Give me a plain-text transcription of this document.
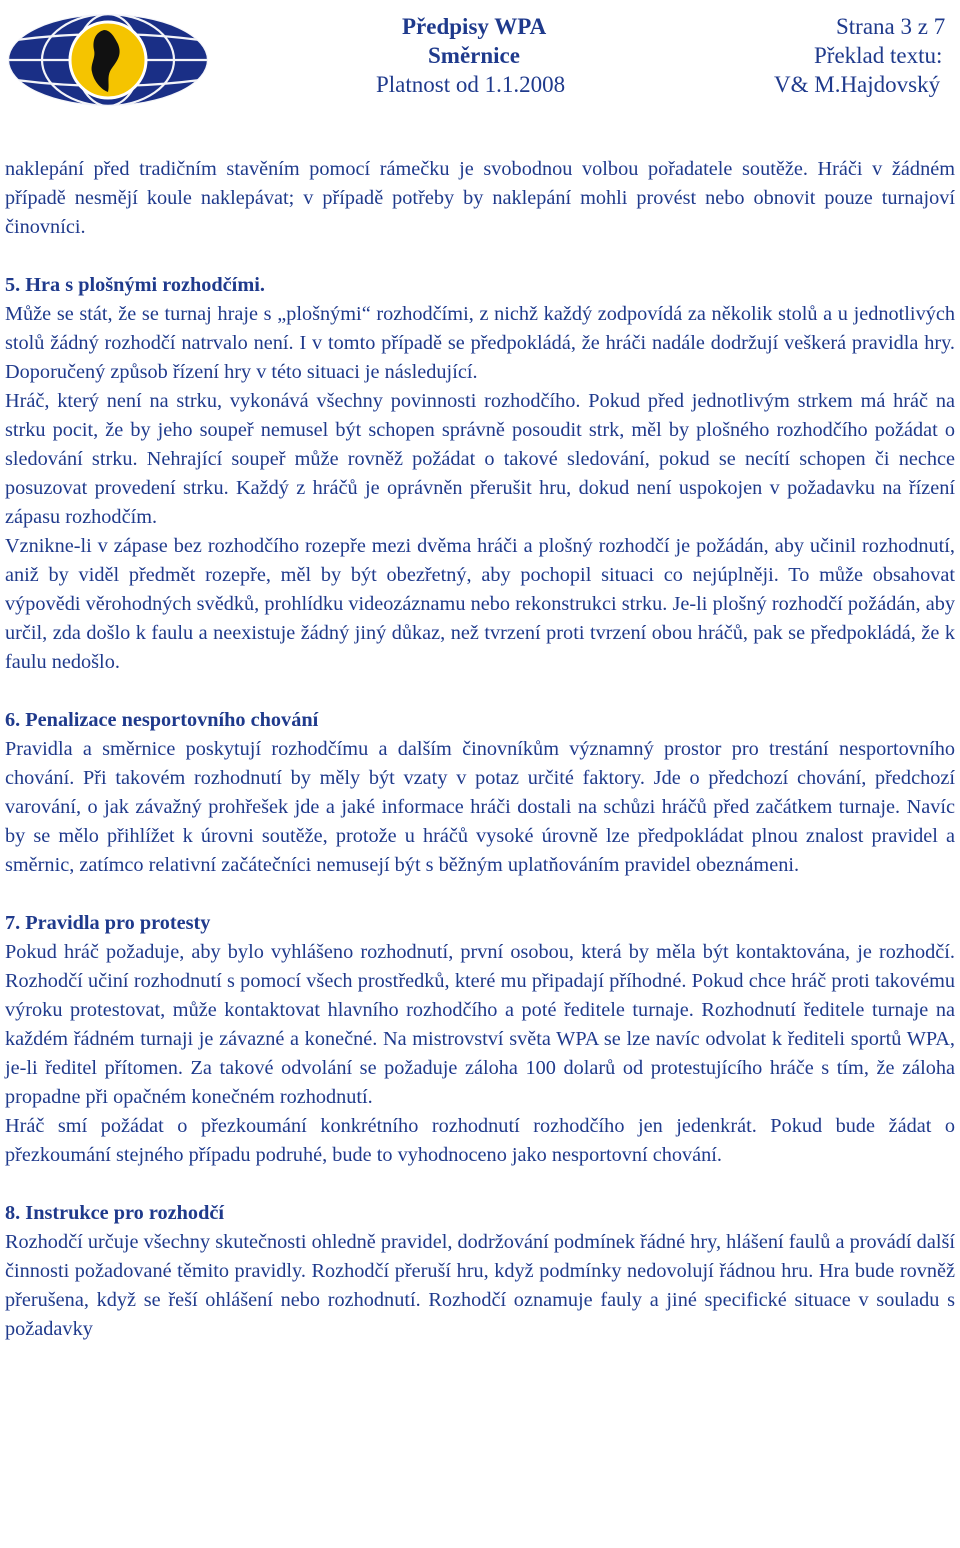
Předpisy WPA
Směrnice
Platnost od 1.1.2008
Strana 3 z 7
Překlad textu:
V& M.Hajdovský

naklepání před tradičním stavěním pomocí rámečku je svobodnou volbou pořadatele soutěže. Hráči v žádném případě nesmějí koule naklepávat; v případě potřeby by naklepání mohli provést nebo obnovit pouze turnajoví činovníci.

5. Hra s plošnými rozhodčími.

Může se stát, že se turnaj hraje s „plošnými“ rozhodčími, z nichž každý zodpovídá za několik stolů a u jednotlivých stolů žádný rozhodčí natrvalo není. I v tomto případě se předpokládá, že hráči nadále dodržují veškerá pravidla hry. Doporučený způsob řízení hry v této situaci je následující.

Hráč, který není na strku, vykonává všechny povinnosti rozhodčího. Pokud před jednotlivým strkem má hráč na strku pocit, že by jeho soupeř nemusel být schopen správně posoudit strk, měl by plošného rozhodčího požádat o sledování strku. Nehrající soupeř může rovněž požádat o takové sledování, pokud se necítí schopen či nechce posuzovat provedení strku. Každý z hráčů je oprávněn přerušit hru, dokud není uspokojen v požadavku na řízení zápasu rozhodčím.

Vznikne-li v zápase bez rozhodčího rozepře mezi dvěma hráči a plošný rozhodčí je požádán, aby učinil rozhodnutí, aniž by viděl předmět rozepře, měl by být obezřetný, aby pochopil situaci co nejúplněji. To může obsahovat výpovědi věrohodných svědků, prohlídku videozáznamu nebo rekonstrukci strku. Je-li plošný rozhodčí požádán, aby určil, zda došlo k faulu a neexistuje žádný jiný důkaz, než tvrzení proti tvrzení obou hráčů, pak se předpokládá, že k faulu nedošlo.

6. Penalizace nesportovního chování

Pravidla a směrnice poskytují rozhodčímu a dalším činovníkům významný prostor pro trestání nesportovního chování. Při takovém rozhodnutí by měly být vzaty v potaz určité faktory. Jde o předchozí chování, předchozí varování, o jak závažný prohřešek jde a jaké informace hráči dostali na schůzi hráčů před začátkem turnaje. Navíc by se mělo přihlížet k úrovni soutěže, protože u hráčů vysoké úrovně lze předpokládat plnou znalost pravidel a směrnic, zatímco relativní začátečníci nemusejí být s běžným uplatňováním pravidel obeznámeni.

7. Pravidla pro protesty

Pokud hráč požaduje, aby bylo vyhlášeno rozhodnutí, první osobou, která by měla být kontaktována, je rozhodčí. Rozhodčí učiní rozhodnutí s pomocí všech prostředků, které mu připadají příhodné. Pokud chce hráč proti takovému výroku protestovat, může kontaktovat hlavního rozhodčího a poté ředitele turnaje. Rozhodnutí ředitele turnaje na každém řádném turnaji je závazné a konečné. Na mistrovství světa WPA se lze navíc odvolat k řediteli sportů WPA, je-li ředitel přítomen. Za takové odvolání se požaduje záloha 100 dolarů od protestujícího hráče s tím, že záloha propadne při opačném konečném rozhodnutí.

Hráč smí požádat o přezkoumání konkrétního rozhodnutí rozhodčího jen jedenkrát. Pokud bude žádat o přezkoumání stejného případu podruhé, bude to vyhodnoceno jako nesportovní chování.

8. Instrukce pro rozhodčí

Rozhodčí určuje všechny skutečnosti ohledně pravidel, dodržování podmínek řádné hry, hlášení faulů a provádí další činnosti požadované těmito pravidly. Rozhodčí přeruší hru, když podmínky nedovolují řádnou hru. Hra bude rovněž přerušena, když se řeší ohlášení nebo rozhodnutí. Rozhodčí oznamuje fauly a jiné specifické situace v souladu s požadavky
